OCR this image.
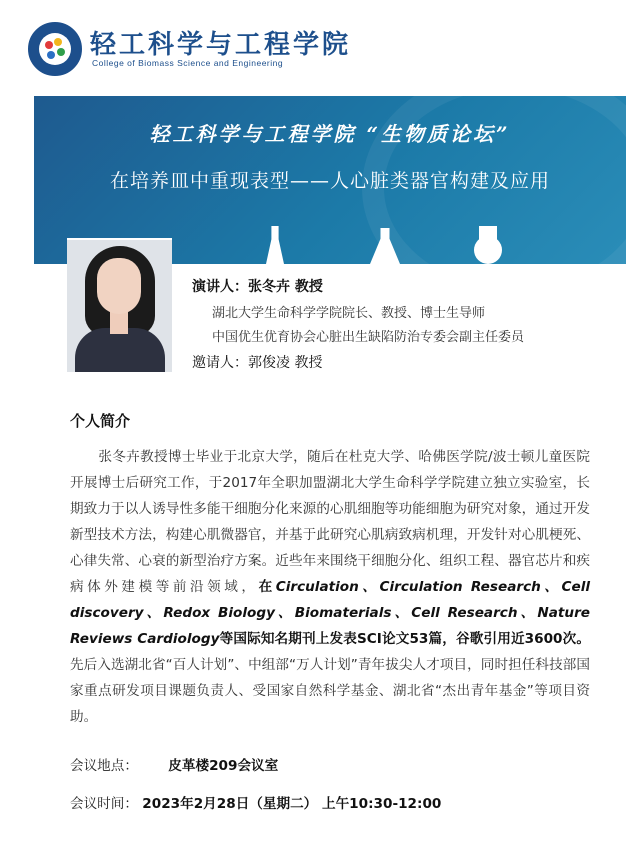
轻工科学与工程学院
College of Biomass Science and Engineering
轻工科学与工程学院 “生物质论坛”
在培养皿中重现表型——人心脏类器官构建及应用
演讲人：张冬卉 教授
湖北大学生命科学学院院长、教授、博士生导师
中国优生优育协会心脏出生缺陷防治专委会副主任委员
邀请人：郭俊凌 教授
个人简介
张冬卉教授博士毕业于北京大学，随后在杜克大学、哈佛医学院/波士顿儿童医院开展博士后研究工作，于2017年全职加盟湖北大学生命科学学院建立独立实验室，长期致力于以人诱导性多能干细胞分化来源的心肌细胞等功能细胞为研究对象，通过开发新型技术方法，构建心肌微器官，并基于此研究心肌病致病机理，开发针对心肌梗死、心律失常、心衰的新型治疗方案。近些年来围绕干细胞分化、组织工程、器官芯片和疾病体外建模等前沿领域，在Circulation、Circulation Research、Cell discovery、Redox Biology、Biomaterials、Cell Research、Nature Reviews Cardiology等国际知名期刊上发表SCI论文53篇，谷歌引用近3600次。先后入选湖北省“百人计划”、中组部“万人计划”青年拔尖人才项目，同时担任科技部国家重点研发项目课题负责人、受国家自然科学基金、湖北省“杰出青年基金”等项目资助。
会议地点： 皮革楼209会议室
会议时间： 2023年2月28日（星期二） 上午10:30-12:00
